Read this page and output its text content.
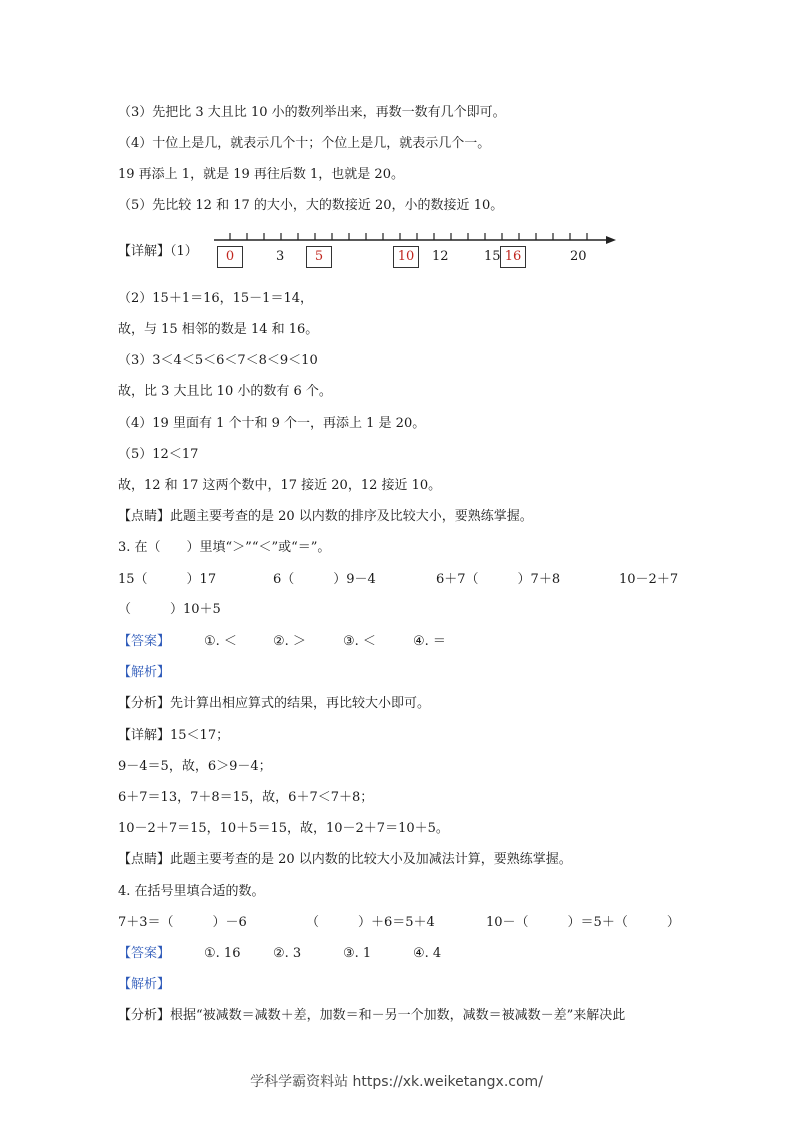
（3）先把比 3 大且比 10 小的数列举出来，再数一数有几个即可。
（4）十位上是几，就表示几个十；个位上是几，就表示几个一。
19 再添上 1，就是 19 再往后数 1，也就是 20。
（5）先比较 12 和 17 的大小，大的数接近 20，小的数接近 10。
【详解】（1）	0	5	10	16
3	12	15	20
（2）15＋1＝16，15－1＝14，
故，与 15 相邻的数是 14 和 16。
（3）3＜4＜5＜6＜7＜8＜9＜10
故，比 3 大且比 10 小的数有 6 个。
（4）19 里面有 1 个十和 9 个一，再添上 1 是 20。
（5）12＜17
故，12 和 17 这两个数中，17 接近 20，12 接近 10。
【点睛】此题主要考查的是 20 以内数的排序及比较大小，要熟练掌握。
3. 在（　　）里填“＞”“＜”或“＝”。
15（　　　）17	6（　　　）9－4	6＋7（　　　）7＋8	10－2＋7
（　　　）10＋5
【答案】	①. ＜	②. ＞	③. ＜	④. ＝
【解析】
【分析】先计算出相应算式的结果，再比较大小即可。
【详解】15＜17；
9－4＝5，故，6＞9－4；
6＋7＝13，7＋8＝15，故，6＋7＜7＋8；
10－2＋7＝15，10＋5＝15，故，10－2＋7＝10＋5。
【点睛】此题主要考查的是 20 以内数的比较大小及加减法计算，要熟练掌握。
4. 在括号里填合适的数。
7＋3＝（　　　）－6	（　　　）＋6＝5＋4	10－（　　　）＝5＋（　　　）
【答案】	①. 16	②. 3	③. 1	④. 4
【解析】
【分析】根据“被减数＝减数＋差，加数＝和－另一个加数，减数＝被减数－差”来解决此
学科学霸资料站 https://xk.weiketangx.com/
